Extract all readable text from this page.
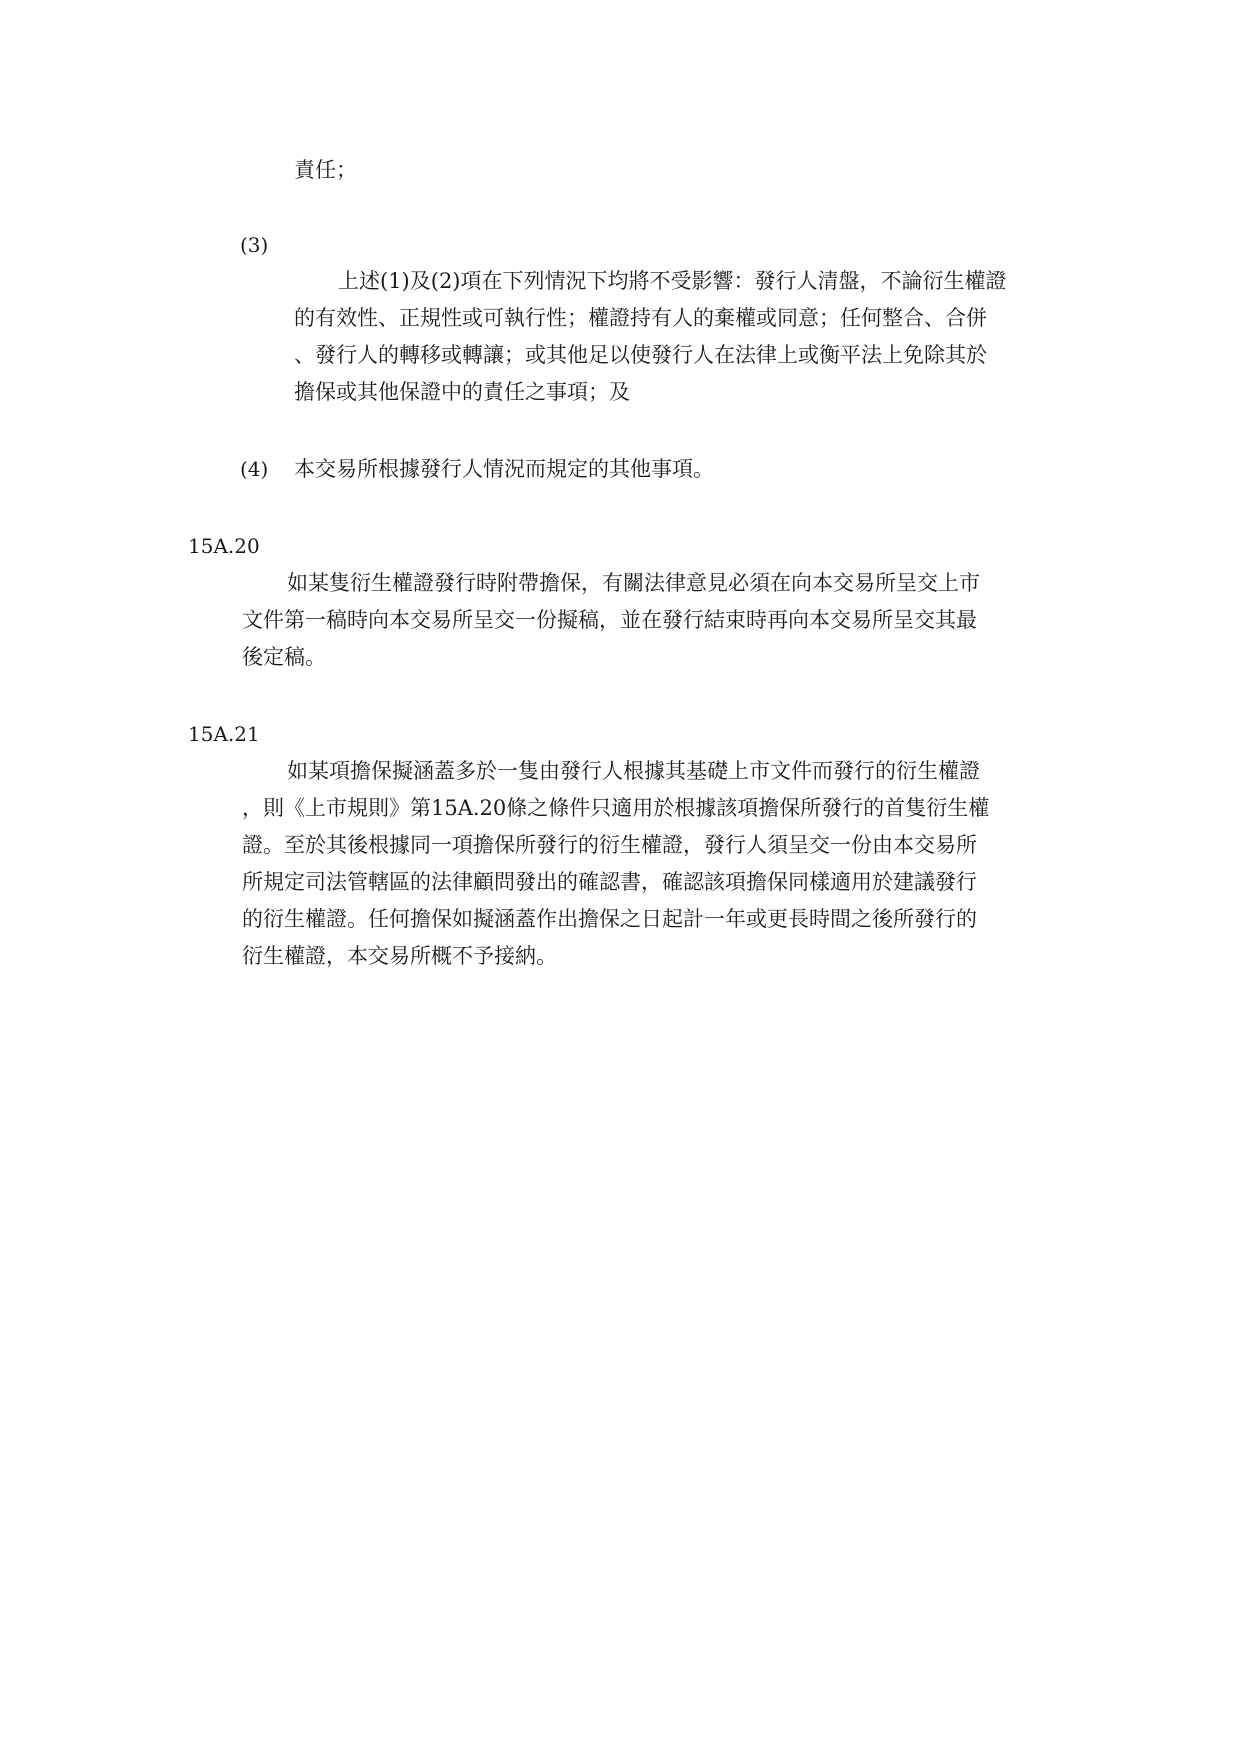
責任；
(3)
上述(1)及(2)項在下列情況下均將不受影響：發行人清盤，不論衍生權證
的有效性、正規性或可執行性；權證持有人的棄權或同意；任何整合、合併
、發行人的轉移或轉讓；或其他足以使發行人在法律上或衡平法上免除其於
擔保或其他保證中的責任之事項；及
(4) 本交易所根據發行人情況而規定的其他事項。
15A.20
如某隻衍生權證發行時附帶擔保，有關法律意見必須在向本交易所呈交上市
文件第一稿時向本交易所呈交一份擬稿，並在發行結束時再向本交易所呈交其最
後定稿。
15A.21
如某項擔保擬涵蓋多於一隻由發行人根據其基礎上市文件而發行的衍生權證
，則《上市規則》第15A.20條之條件只適用於根據該項擔保所發行的首隻衍生權
證。至於其後根據同一項擔保所發行的衍生權證，發行人須呈交一份由本交易所
所規定司法管轄區的法律顧問發出的確認書，確認該項擔保同樣適用於建議發行
的衍生權證。任何擔保如擬涵蓋作出擔保之日起計一年或更長時間之後所發行的
衍生權證，本交易所概不予接納。
